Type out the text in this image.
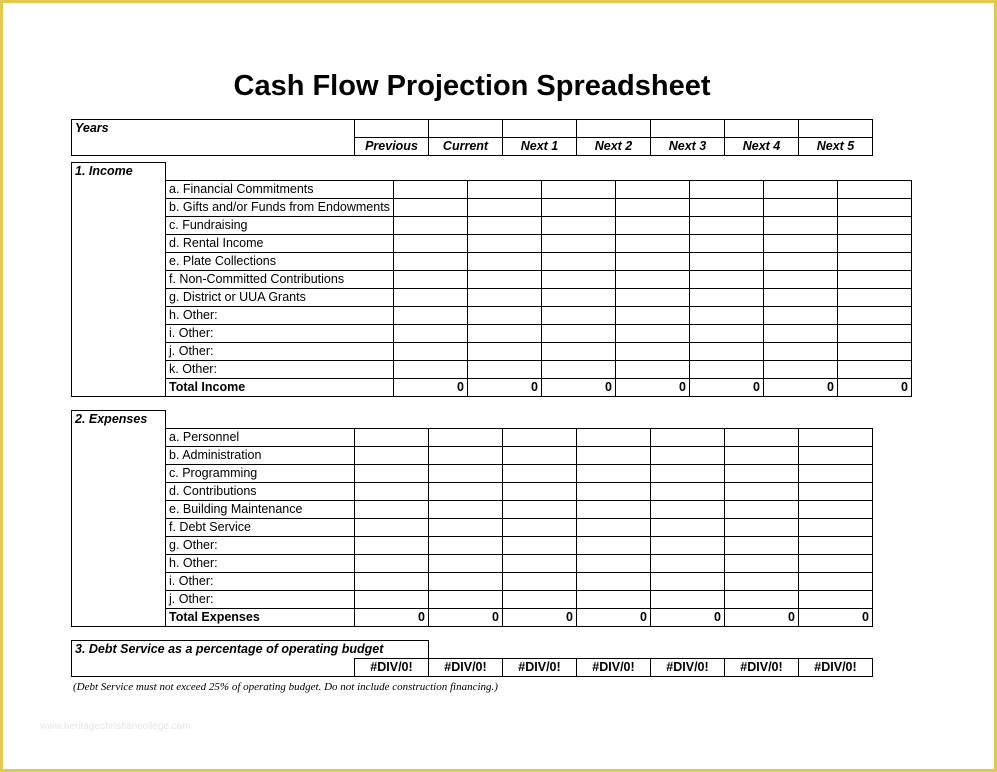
Cash Flow Projection Spreadsheet
Years							
	Previous	Current	Next 1	Next 2	Next 3	Next 4	Next 5
1. Income								
	a. Financial Commitments							
	b. Gifts and/or Funds from Endowments							
	c. Fundraising							
	d. Rental Income							
	e. Plate Collections							
	f. Non-Committed Contributions							
	g. District or UUA Grants							
	h. Other:							
	i. Other:							
	j. Other:							
	k. Other:							
	Total Income	0	0	0	0	0	0	0
2. Expenses								
	a. Personnel							
	b. Administration							
	c. Programming							
	d. Contributions							
	e. Building Maintenance							
	f. Debt Service							
	g. Other:							
	h. Other:							
	i. Other:							
	j. Other:							
	Total Expenses	0	0	0	0	0	0	0
3. Debt Service as a percentage of operating budget							
	#DIV/0!	#DIV/0!	#DIV/0!	#DIV/0!	#DIV/0!	#DIV/0!	#DIV/0!
(Debt Service must not exceed 25% of operating budget. Do not include construction financing.)
www.heritagechristiancollege.com
